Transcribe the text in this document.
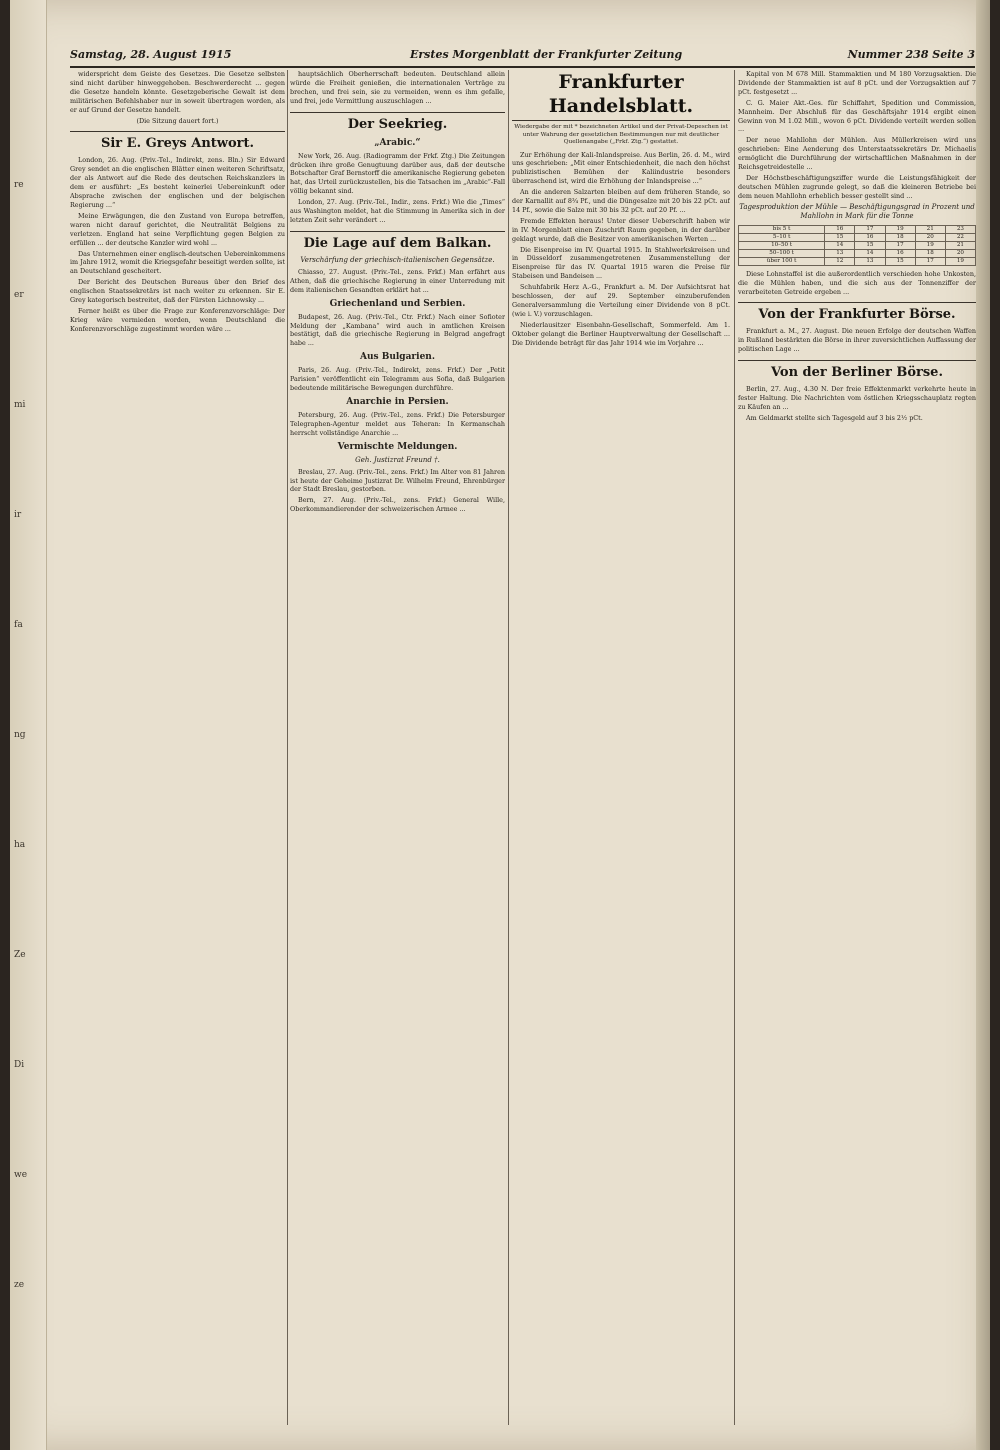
re
er
mi
ir
fa
ng
ha
Ze
Di
we
ze
Samstag, 28. August 1915	Erstes Morgenblatt der Frankfurter Zeitung	Nummer 238 Seite 3

widerspricht dem Geiste des Gesetzes. Die Gesetze selbsten sind nicht darüber hinweggehoben. Beschwerderecht ... gegen die Gesetze handeln könnte. Gesetzgeberische Gewalt ist dem militärischen Befehlshaber nur in soweit übertragen worden, als er auf Grund der Gesetze handelt.

(Die Sitzung dauert fort.)

Sir E. Greys Antwort.

London, 26. Aug. (Priv.-Tel., Indirekt, zens. Bln.) Sir Edward Grey sendet an die englischen Blätter einen weiteren Schriftsatz, der als Antwort auf die Rede des deutschen Reichskanzlers in dem er ausführt: „Es besteht keinerlei Uebereinkunft oder Absprache zwischen der englischen und der belgischen Regierung ...“

Meine Erwägungen, die den Zustand von Europa betreffen, waren nicht darauf gerichtet, die Neutralität Belgiens zu verletzen. England hat seine Verpflichtung gegen Belgien zu erfüllen ... der deutsche Kanzler wird wohl ...

Das Unternehmen einer englisch-deutschen Uebereinkommens im Jahre 1912, womit die Kriegsgefahr beseitigt werden sollte, ist an Deutschland gescheitert.

Der Bericht des Deutschen Bureaus über den Brief des englischen Staatssekretärs ist nach weiter zu erkennen. Sir E. Grey kategorisch bestreitet, daß der Fürsten Lichnowsky ...

Ferner heißt es über die Frage zur Konferenzvorschläge: Der Krieg wäre vermieden worden, wenn Deutschland die Konferenzvorschläge zugestimmt worden wäre ...

hauptsächlich Oberherrschaft bedeuten. Deutschland allein würde die Freiheit genießen, die internationalen Verträge zu brechen, und frei sein, sie zu vermeiden, wenn es ihm gefalle, und frei, jede Vermittlung auszuschlagen ...

Der Seekrieg.
„Arabic.“

New York, 26. Aug. (Radiogramm der Frkf. Ztg.) Die Zeitungen drücken ihre große Genugtuung darüber aus, daß der deutsche Botschafter Graf Bernstorff die amerikanische Regierung gebeten hat, das Urteil zurückzustellen, bis die Tatsachen im „Arabic“-Fall völlig bekannt sind.

London, 27. Aug. (Priv.-Tel., Indir., zens. Frkf.) Wie die „Times“ aus Washington meldet, hat die Stimmung in Amerika sich in der letzten Zeit sehr verändert ...

Die Lage auf dem Balkan.
Verschärfung der griechisch-italienischen Gegensätze.

Chiasso, 27. August. (Priv.-Tel., zens. Frkf.) Man erfährt aus Athen, daß die griechische Regierung in einer Unterredung mit dem italienischen Gesandten erklärt hat ...

Griechenland und Serbien.

Budapest, 26. Aug. (Priv.-Tel., Ctr. Frkf.) Nach einer Sofioter Meldung der „Kambana“ wird auch in amtlichen Kreisen bestätigt, daß die griechische Regierung in Belgrad angefragt habe ...

Aus Bulgarien.

Paris, 26. Aug. (Priv.-Tel., Indirekt, zens. Frkf.) Der „Petit Parisien“ veröffentlicht ein Telegramm aus Sofia, daß Bulgarien bedeutende militärische Bewegungen durchführe.

Anarchie in Persien.

Petersburg, 26. Aug. (Priv.-Tel., zens. Frkf.) Die Petersburger Telegraphen-Agentur meldet aus Teheran: In Kermanschah herrscht vollständige Anarchie ...

Vermischte Meldungen.
Geh. Justizrat Freund †.

Breslau, 27. Aug. (Priv.-Tel., zens. Frkf.) Im Alter von 81 Jahren ist heute der Geheime Justizrat Dr. Wilhelm Freund, Ehrenbürger der Stadt Breslau, gestorben.

Bern, 27. Aug. (Priv.-Tel., zens. Frkf.) General Wille, Oberkommandierender der schweizerischen Armee ...

Frankfurter Handelsblatt.
Wiedergabe der mit * bezeichneten Artikel und der Privat-Depeschen ist unter Wahrung der gesetzlichen Bestimmungen nur mit deutlicher Quellenangabe („Frkf. Ztg.“) gestattet.

Zur Erhöhung der Kali-Inlandspreise. Aus Berlin, 26. d. M., wird uns geschrieben: „Mit einer Entschiedenheit, die nach den höchst publizistischen Bemühen der Kaliindustrie besonders überraschend ist, wird die Erhöhung der Inlandspreise ...“

An die anderen Salzarten bleiben auf dem früheren Stande, so der Karnallit auf 8¾ Pf., und die Düngesalze mit 20 bis 22 pCt. auf 14 Pf., sowie die Salze mit 30 bis 32 pCt. auf 20 Pf. ...

Fremde Effekten heraus! Unter dieser Ueberschrift haben wir in IV. Morgenblatt einen Zuschrift Raum gegeben, in der darüber geklagt wurde, daß die Besitzer von amerikanischen Werten ...

Die Eisenpreise im IV. Quartal 1915. In Stahlwerkskreisen und in Düsseldorf zusammengetretenen Zusammenstellung der Eisenpreise für das IV. Quartal 1915 waren die Preise für Stabeisen und Bandeisen ...

Schuhfabrik Herz A.-G., Frankfurt a. M. Der Aufsichtsrat hat beschlossen, der auf 29. September einzuberufenden Generalversammlung die Verteilung einer Dividende von 8 pCt. (wie i. V.) vorzuschlagen.

Niederlausitzer Eisenbahn-Gesellschaft, Sommerfeld. Am 1. Oktober gelangt die Berliner Hauptverwaltung der Gesellschaft ... Die Dividende beträgt für das Jahr 1914 wie im Vorjahre ...

Kapital von M 678 Mill. Stammaktien und M 180 Vorzugsaktien. Die Dividende der Stammaktien ist auf 8 pCt. und der Vorzugsaktien auf 7 pCt. festgesetzt ...

C. G. Maier Akt.-Ges. für Schiffahrt, Spedition und Commission, Mannheim. Der Abschluß für das Geschäftsjahr 1914 ergibt einen Gewinn von M 1.02 Mill., wovon 6 pCt. Dividende verteilt werden sollen ...

Der neue Mahllohn der Mühlen. Aus Müllerkreisen wird uns geschrieben: Eine Aenderung des Unterstaatssekretärs Dr. Michaelis ermöglicht die Durchführung der wirtschaftlichen Maßnahmen in der Reichsgetreidestelle ...

Der Höchstbeschäftigungsziffer wurde die Leistungsfähigkeit der deutschen Mühlen zugrunde gelegt, so daß die kleineren Betriebe bei dem neuen Mahllohn erheblich besser gestellt sind ...

Tagesproduktion der Mühle — Beschäftigungsgrad in Prozent und Mahllohn in Mark für die Tonne
bis 5 t	16	17	19	21	23
5–10 t	15	16	18	20	22
10–50 t	14	15	17	19	21
50–100 t	13	14	16	18	20
über 100 t	12	13	15	17	19

Diese Lohnstaffel ist die außerordentlich verschieden hohe Unkosten, die die Mühlen haben, und die sich aus der Tonnenziffer der verarbeiteten Getreide ergeben ...

Von der Frankfurter Börse.

Frankfurt a. M., 27. August. Die neuen Erfolge der deutschen Waffen in Rußland bestärkten die Börse in ihrer zuversichtlichen Auffassung der politischen Lage ...

Von der Berliner Börse.

Berlin, 27. Aug., 4.30 N. Der freie Effektenmarkt verkehrte heute in fester Haltung. Die Nachrichten vom östlichen Kriegsschauplatz regten zu Käufen an ...

Am Geldmarkt stellte sich Tagesgeld auf 3 bis 2½ pCt.
